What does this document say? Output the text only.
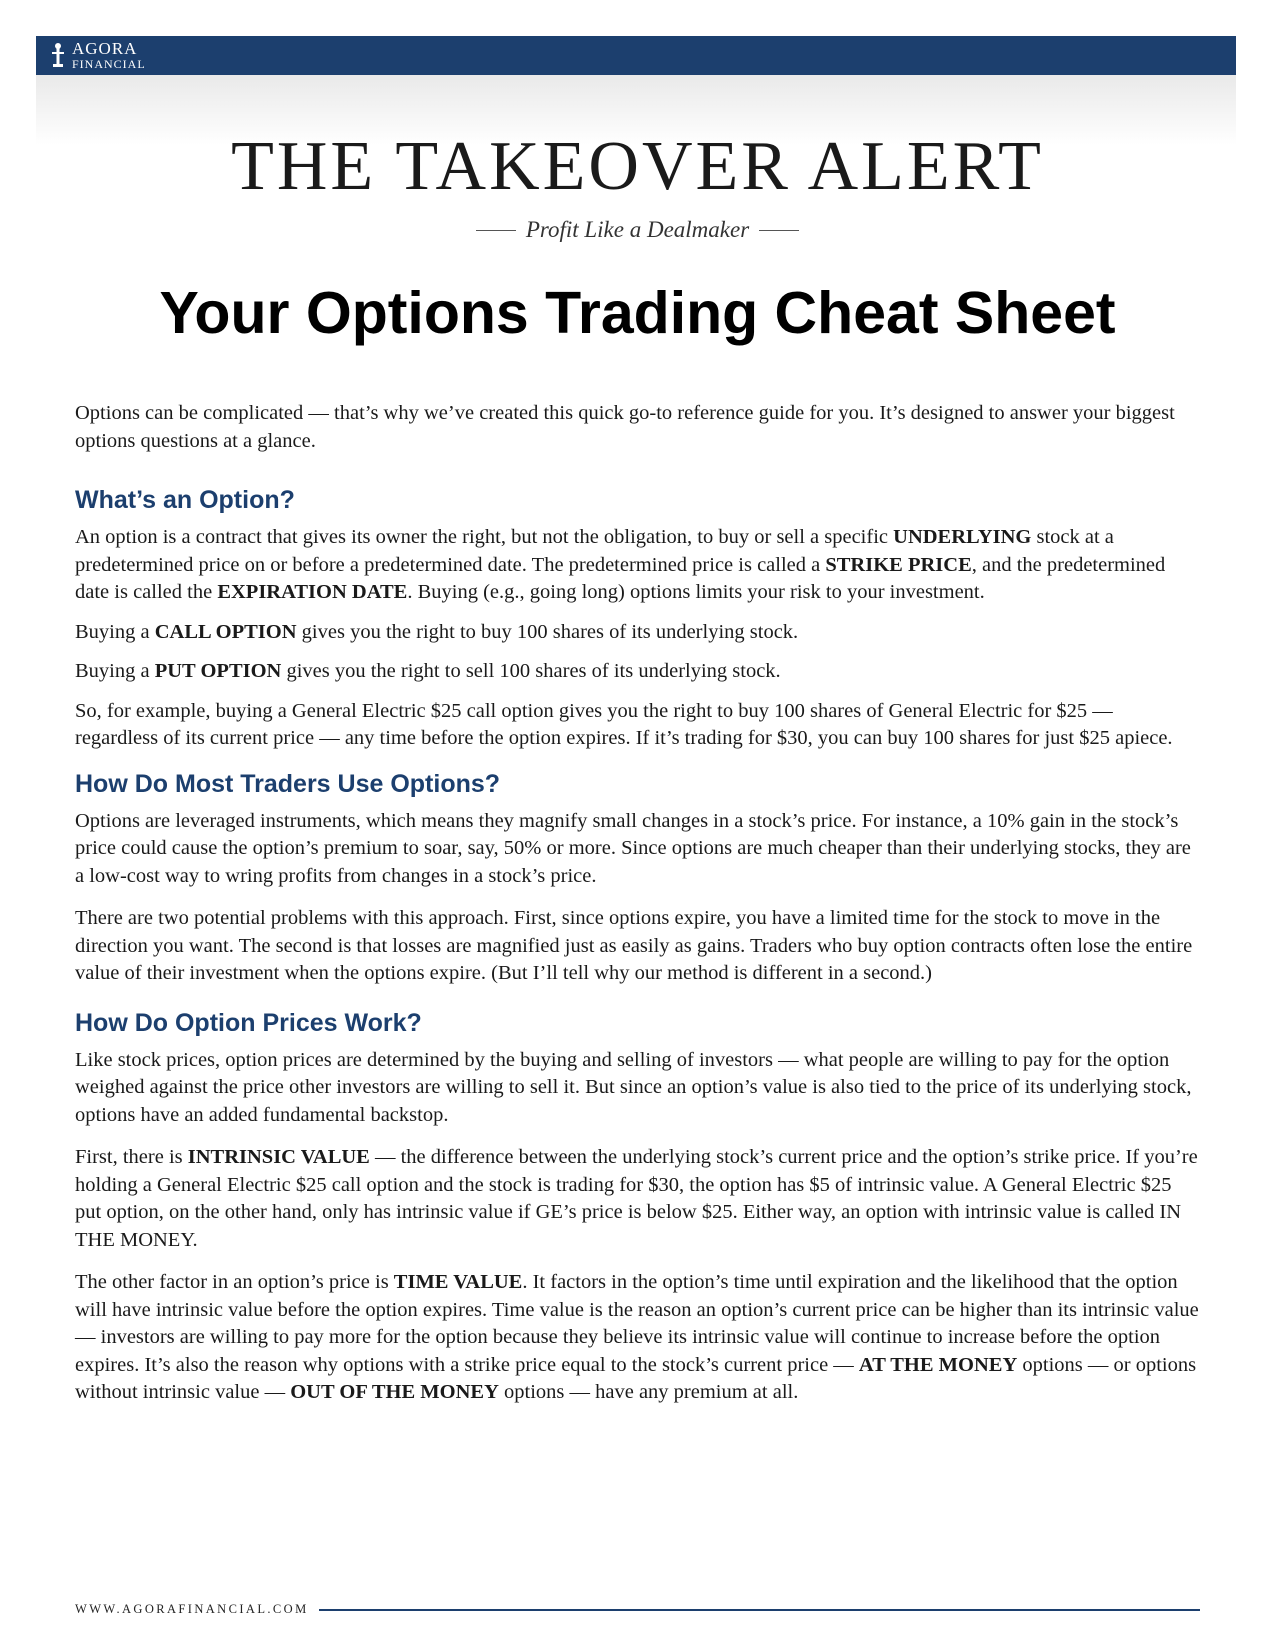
AGORA
FINANCIAL
THE TAKEOVER ALERT
Profit Like a Dealmaker
Your Options Trading Cheat Sheet

Options can be complicated — that’s why we’ve created this quick go-to reference guide for you. It’s designed to answer your biggest options questions at a glance.

What’s an Option?

An option is a contract that gives its owner the right, but not the obligation, to buy or sell a specific UNDERLYING stock at a predetermined price on or before a predetermined date. The predetermined price is called a STRIKE PRICE, and the predetermined date is called the EXPIRATION DATE. Buying (e.g., going long) options limits your risk to your investment.

Buying a CALL OPTION gives you the right to buy 100 shares of its underlying stock.

Buying a PUT OPTION gives you the right to sell 100 shares of its underlying stock.

So, for example, buying a General Electric $25 call option gives you the right to buy 100 shares of General Electric for $25 — regardless of its current price — any time before the option expires. If it’s trading for $30, you can buy 100 shares for just $25 apiece.

How Do Most Traders Use Options?

Options are leveraged instruments, which means they magnify small changes in a stock’s price. For instance, a 10% gain in the stock’s price could cause the option’s premium to soar, say, 50% or more. Since options are much cheaper than their underlying stocks, they are a low-cost way to wring profits from changes in a stock’s price.

There are two potential problems with this approach. First, since options expire, you have a limited time for the stock to move in the direction you want. The second is that losses are magnified just as easily as gains. Traders who buy option contracts often lose the entire value of their investment when the options expire. (But I’ll tell why our method is different in a second.)

How Do Option Prices Work?

Like stock prices, option prices are determined by the buying and selling of investors — what people are willing to pay for the option weighed against the price other investors are willing to sell it. But since an option’s value is also tied to the price of its underlying stock, options have an added fundamental backstop.

First, there is INTRINSIC VALUE — the difference between the underlying stock’s current price and the option’s strike price. If you’re holding a General Electric $25 call option and the stock is trading for $30, the option has $5 of intrinsic value. A General Electric $25 put option, on the other hand, only has intrinsic value if GE’s price is below $25. Either way, an option with intrinsic value is called IN THE MONEY.

The other factor in an option’s price is TIME VALUE. It factors in the option’s time until expiration and the likelihood that the option will have intrinsic value before the option expires. Time value is the reason an option’s current price can be higher than its intrinsic value — investors are willing to pay more for the option because they believe its intrinsic value will continue to increase before the option expires. It’s also the reason why options with a strike price equal to the stock’s current price — AT THE MONEY options — or options without intrinsic value — OUT OF THE MONEY options — have any premium at all.

WWW.AGORAFINANCIAL.COM
